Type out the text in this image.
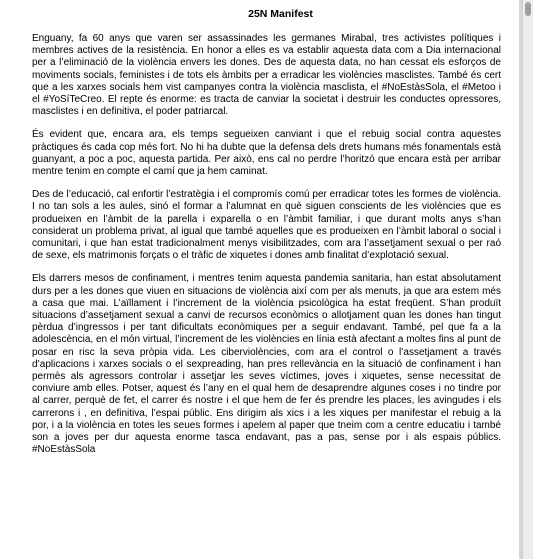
25N Manifest

Enguany, fa 60 anys que varen ser assassinades les germanes Mirabal, tres activistes polítiques i membres actives de la resistència. En honor a elles es va establir aquesta data com a Dia internacional per a l’eliminació de la violència envers les dones. Des de aquesta data, no han cessat els esforços de moviments socials, feministes i de tots els àmbits per a erradicar les violències masclistes. També és cert que a les xarxes socials hem vist campanyes contra la violència masclista, el #NoEstàsSola, el #Metoo i el #YoSíTeCreo. El repte és enorme: es tracta de canviar la societat i destruir les conductes opressores, masclistes i en definitiva, el poder patriarcal.

És evident que, encara ara, els temps segueixen canviant i que el rebuig social contra aquestes pràctiques és cada cop més fort. No hi ha dubte que la defensa dels drets humans més fonamentals està guanyant, a poc a poc, aquesta partida. Per això, ens cal no perdre l’horitzó que encara està per arribar mentre tenim en compte el camí que ja hem caminat.

Des de l’educació, cal enfortir l’estratègia i el compromís comú per erradicar totes les formes de violència. I no tan sols a les aules, sinó el formar a l’alumnat en què siguen conscients de les violències que es produeixen en l’àmbit de la parella i exparella o en l’àmbit familiar, i que durant molts anys s’han considerat un problema privat, al igual que també aquelles que es produeixen en l’àmbit laboral o social i comunitari, i que han estat tradicionalment menys visibilitzades, com ara l’assetjament sexual o per raó de sexe, els matrimonis forçats o el tràfic de xiquetes i dones amb finalitat d’explotació sexual.

Els darrers mesos de confinament, i mentres tenim aquesta pandemia sanitaria, han estat absolutament durs per a les dones que viuen en situacions de violència així com per als menuts, ja que ara estem més a casa que mai. L’aïllament i l’increment de la violència psicològica ha estat freqüent. S’han produït situacions d’assetjament sexual a canvi de recursos econòmics o allotjament quan les dones han tingut pèrdua d’ingressos i per tant dificultats econòmiques per a seguir endavant. També, pel que fa a la adolescència, en el món virtual, l’increment de les violències en línia està afectant a moltes fins al punt de posar en risc la seva pròpia vida. Les ciberviolències, com ara el control o l’assetjament a través d’aplicacions i xarxes socials o el sexpreading, han pres rellevància en la situació de confinament i han permès als agressors controlar i assetjar les seves víctimes, joves i xiquetes, sense necessitat de conviure amb elles. Potser, aquest és l’any en el qual hem de desaprendre algunes coses i no tindre por al carrer, perquè de fet, el carrer és nostre i el que hem de fer és prendre les places, les avingudes i els carrerons i , en definitiva, l’espai públic. Ens dirigim als xics i a les xiques per manifestar el rebuig a la por, i a la violència en totes les seues formes i apelem al paper que tneim com a centre educatiu i també son a joves per dur aquesta enorme tasca endavant, pas a pas, sense por i als espais públics. #NoEstàsSola
